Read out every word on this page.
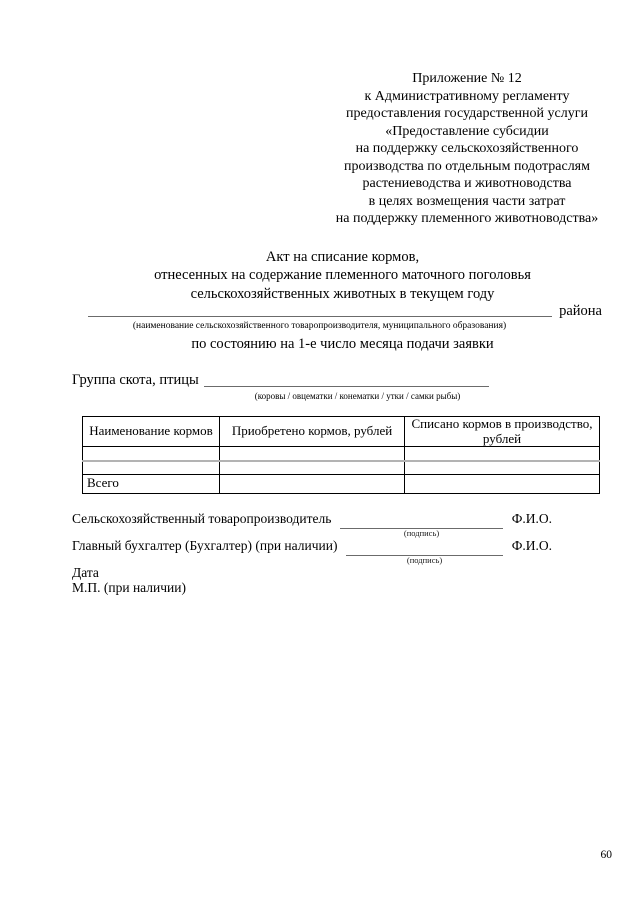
Приложение № 12
к Административному регламенту
предоставления государственной услуги
«Предоставление субсидии
на поддержку сельскохозяйственного
производства по отдельным подотраслям
растениеводства и животноводства
в целях возмещения части затрат
на поддержку племенного животноводства»
Акт на списание кормов,
отнесенных на содержание племенного маточного поголовья
сельскохозяйственных животных в текущем году
района
(наименование сельскохозяйственного товаропроизводителя, муниципального образования)
по состоянию на 1-е число месяца подачи заявки
Группа скота, птицы
(коровы / овцематки / конематки / утки / самки рыбы)
Наименование кормов	Приобретено кормов, рублей	Списано кормов в производство, рублей

Всего		
Сельскохозяйственный товаропроизводитель
(подпись)
Ф.И.О.
Главный бухгалтер (Бухгалтер) (при наличии)
(подпись)
Ф.И.О.
Дата
М.П. (при наличии)
60
